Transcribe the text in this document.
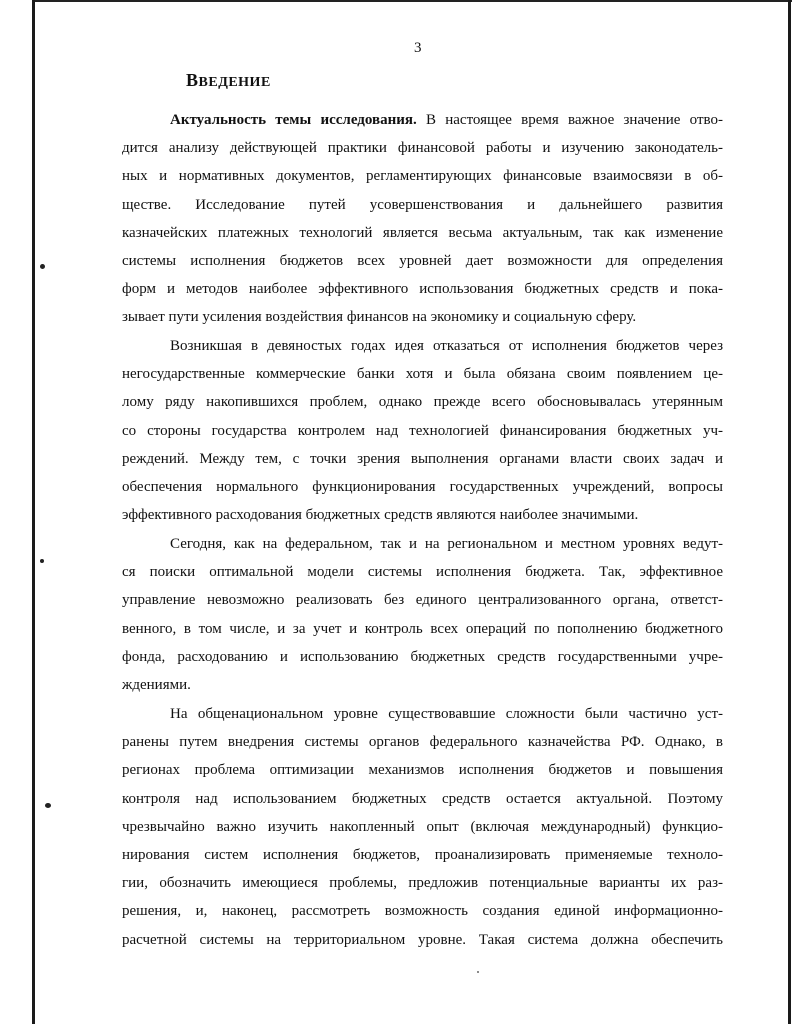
3
ВВЕДЕНИЕ
Актуальность темы исследования. В настоящее время важное значение отво-
дится анализу действующей практики финансовой работы и изучению законодатель-
ных и нормативных документов, регламентирующих финансовые взаимосвязи в об-
ществе. Исследование путей усовершенствования и дальнейшего развития
казначейских платежных технологий является весьма актуальным, так как изменение
системы исполнения бюджетов всех уровней дает возможности для определения
форм и методов наиболее эффективного использования бюджетных средств и пока-
зывает пути усиления воздействия финансов на экономику и социальную сферу.
Возникшая в девяностых годах идея отказаться от исполнения бюджетов через
негосударственные коммерческие банки хотя и была обязана своим появлением це-
лому ряду накопившихся проблем, однако прежде всего обосновывалась утерянным
со стороны государства контролем над технологией финансирования бюджетных уч-
реждений. Между тем, с точки зрения выполнения органами власти своих задач и
обеспечения нормального функционирования государственных учреждений, вопросы
эффективного расходования бюджетных средств являются наиболее значимыми.
Сегодня, как на федеральном, так и на региональном и местном уровнях ведут-
ся поиски оптимальной модели системы исполнения бюджета. Так, эффективное
управление невозможно реализовать без единого централизованного органа, ответст-
венного, в том числе, и за учет и контроль всех операций по пополнению бюджетного
фонда, расходованию и использованию бюджетных средств государственными учре-
ждениями.
На общенациональном уровне существовавшие сложности были частично уст-
ранены путем внедрения системы органов федерального казначейства РФ. Однако, в
регионах проблема оптимизации механизмов исполнения бюджетов и повышения
контроля над использованием бюджетных средств остается актуальной. Поэтому
чрезвычайно важно изучить накопленный опыт (включая международный) функцио-
нирования систем исполнения бюджетов, проанализировать применяемые техноло-
гии, обозначить имеющиеся проблемы, предложив потенциальные варианты их раз-
решения, и, наконец, рассмотреть возможность создания единой информационно-
расчетной системы на территориальном уровне. Такая система должна обеспечить
